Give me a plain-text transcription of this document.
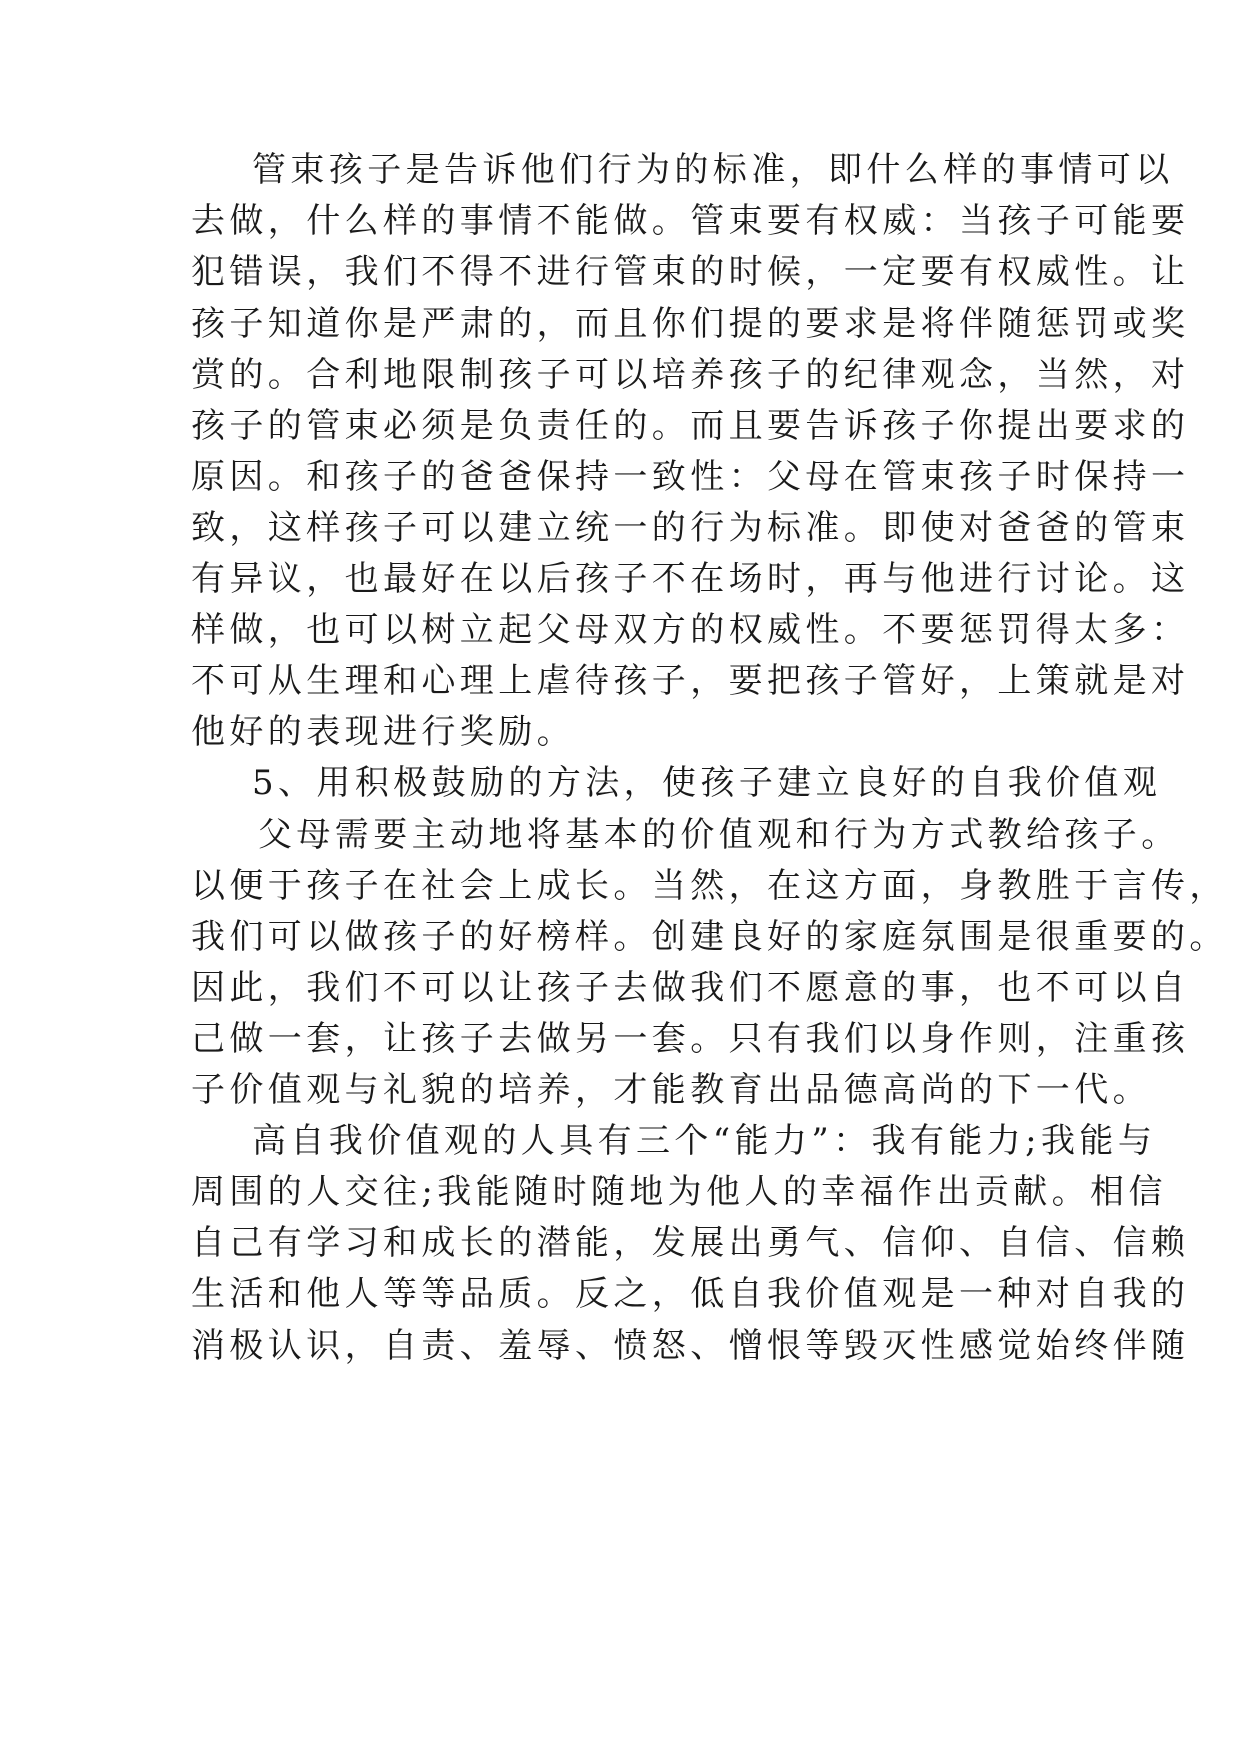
管束孩子是告诉他们行为的标准，即什么样的事情可以
去做，什么样的事情不能做。管束要有权威：当孩子可能要
犯错误，我们不得不进行管束的时候，一定要有权威性。让
孩子知道你是严肃的，而且你们提的要求是将伴随惩罚或奖
赏的。合利地限制孩子可以培养孩子的纪律观念，当然，对
孩子的管束必须是负责任的。而且要告诉孩子你提出要求的
原因。和孩子的爸爸保持一致性：父母在管束孩子时保持一
致，这样孩子可以建立统一的行为标准。即使对爸爸的管束
有异议，也最好在以后孩子不在场时，再与他进行讨论。这
样做，也可以树立起父母双方的权威性。不要惩罚得太多：
不可从生理和心理上虐待孩子，要把孩子管好，上策就是对
他好的表现进行奖励。
5、用积极鼓励的方法，使孩子建立良好的自我价值观
父母需要主动地将基本的价值观和行为方式教给孩子。
以便于孩子在社会上成长。当然，在这方面，身教胜于言传，
我们可以做孩子的好榜样。创建良好的家庭氛围是很重要的。
因此，我们不可以让孩子去做我们不愿意的事，也不可以自
己做一套，让孩子去做另一套。只有我们以身作则，注重孩
子价值观与礼貌的培养，才能教育出品德高尚的下一代。
高自我价值观的人具有三个“能力”：我有能力;我能与
周围的人交往;我能随时随地为他人的幸福作出贡献。相信
自己有学习和成长的潜能，发展出勇气、信仰、自信、信赖
生活和他人等等品质。反之，低自我价值观是一种对自我的
消极认识，自责、羞辱、愤怒、憎恨等毁灭性感觉始终伴随
